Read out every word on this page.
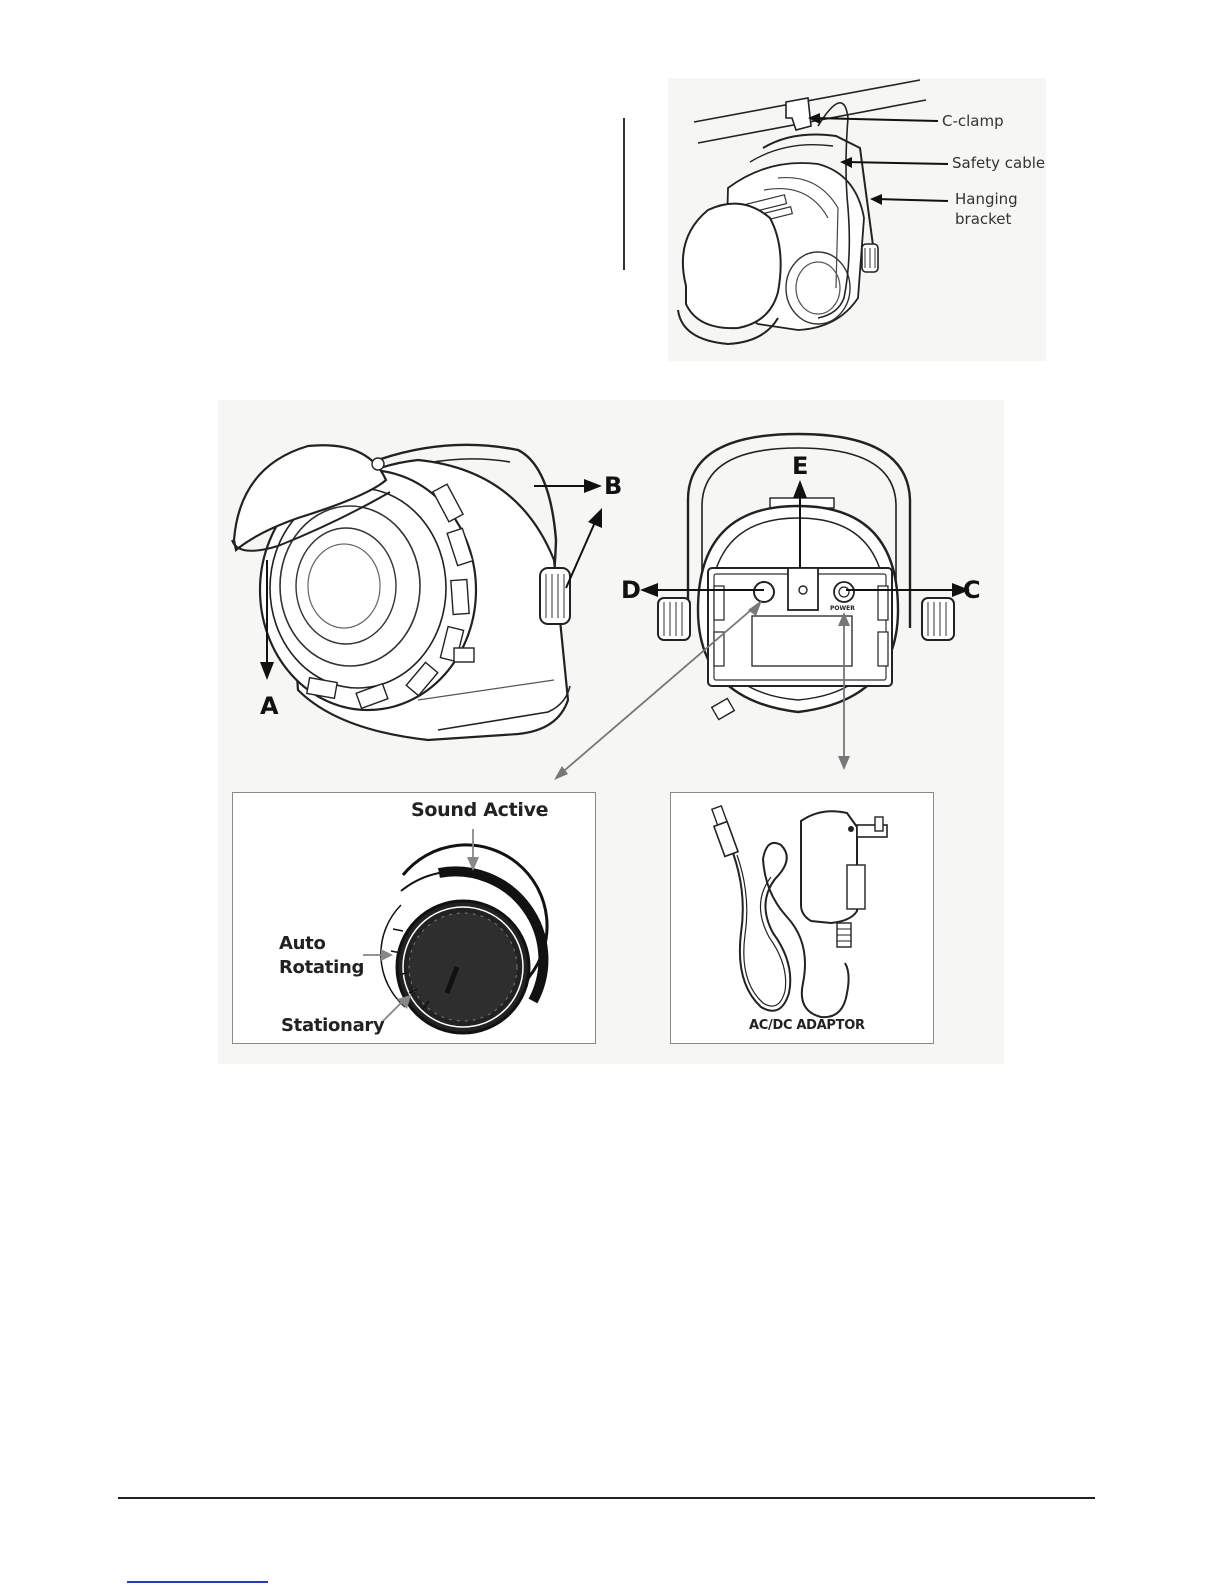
C-clamp
Safety cable
Hanging
bracket
A
B
C
D
E
POWER
Sound Active
Auto
Rotating
Stationary	AC/DC ADAPTOR
